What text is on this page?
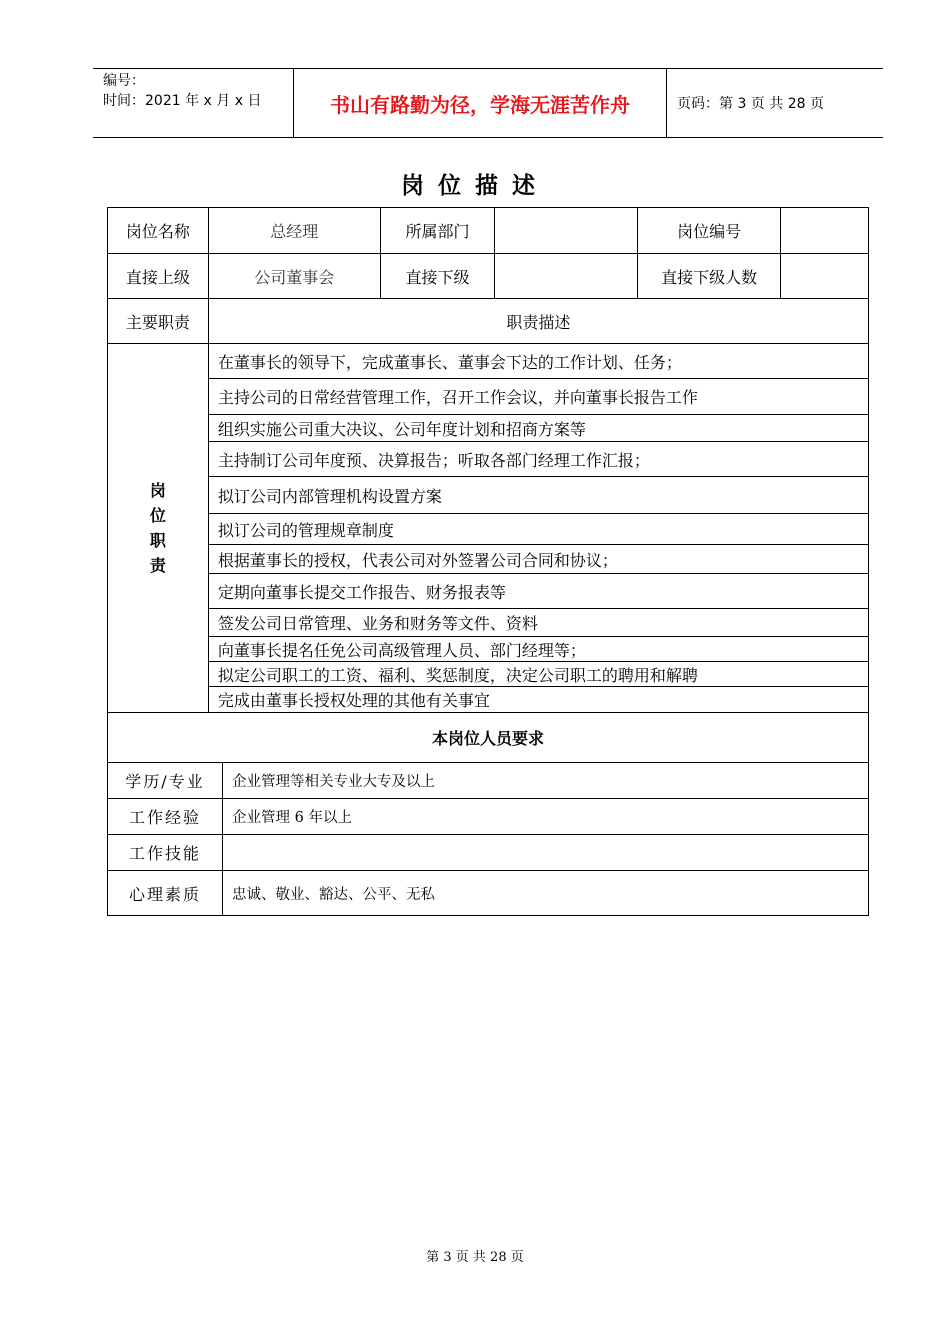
编号：
时间：2021 年 x 月 x 日	书山有路勤为径，学海无涯苦作舟	页码：第 3 页 共 28 页
岗位描述
岗位名称	总经理	所属部门		岗位编号	
直接上级	公司董事会	直接下级		直接下级人数	
主要职责	职责描述				

岗
位
职
责	在董事长的领导下，完成董事长、董事会下达的工作计划、任务；				
	主持公司的日常经营管理工作，召开工作会议，并向董事长报告工作				
	组织实施公司重大决议、公司年度计划和招商方案等				
	主持制订公司年度预、决算报告；听取各部门经理工作汇报；				
	拟订公司内部管理机构设置方案				
	拟订公司的管理规章制度				
	根据董事长的授权，代表公司对外签署公司合同和协议；				
	定期向董事长提交工作报告、财务报表等				
	签发公司日常管理、业务和财务等文件、资料				
	向董事长提名任免公司高级管理人员、部门经理等；				
	拟定公司职工的工资、福利、奖惩制度，决定公司职工的聘用和解聘				
	完成由董事长授权处理的其他有关事宜				
本岗位人员要求					
学历/专业	企业管理等相关专业大专及以上
工作经验	企业管理 6 年以上
工作技能	
心理素质	忠诚、敬业、豁达、公平、无私
第 3 页 共 28 页
